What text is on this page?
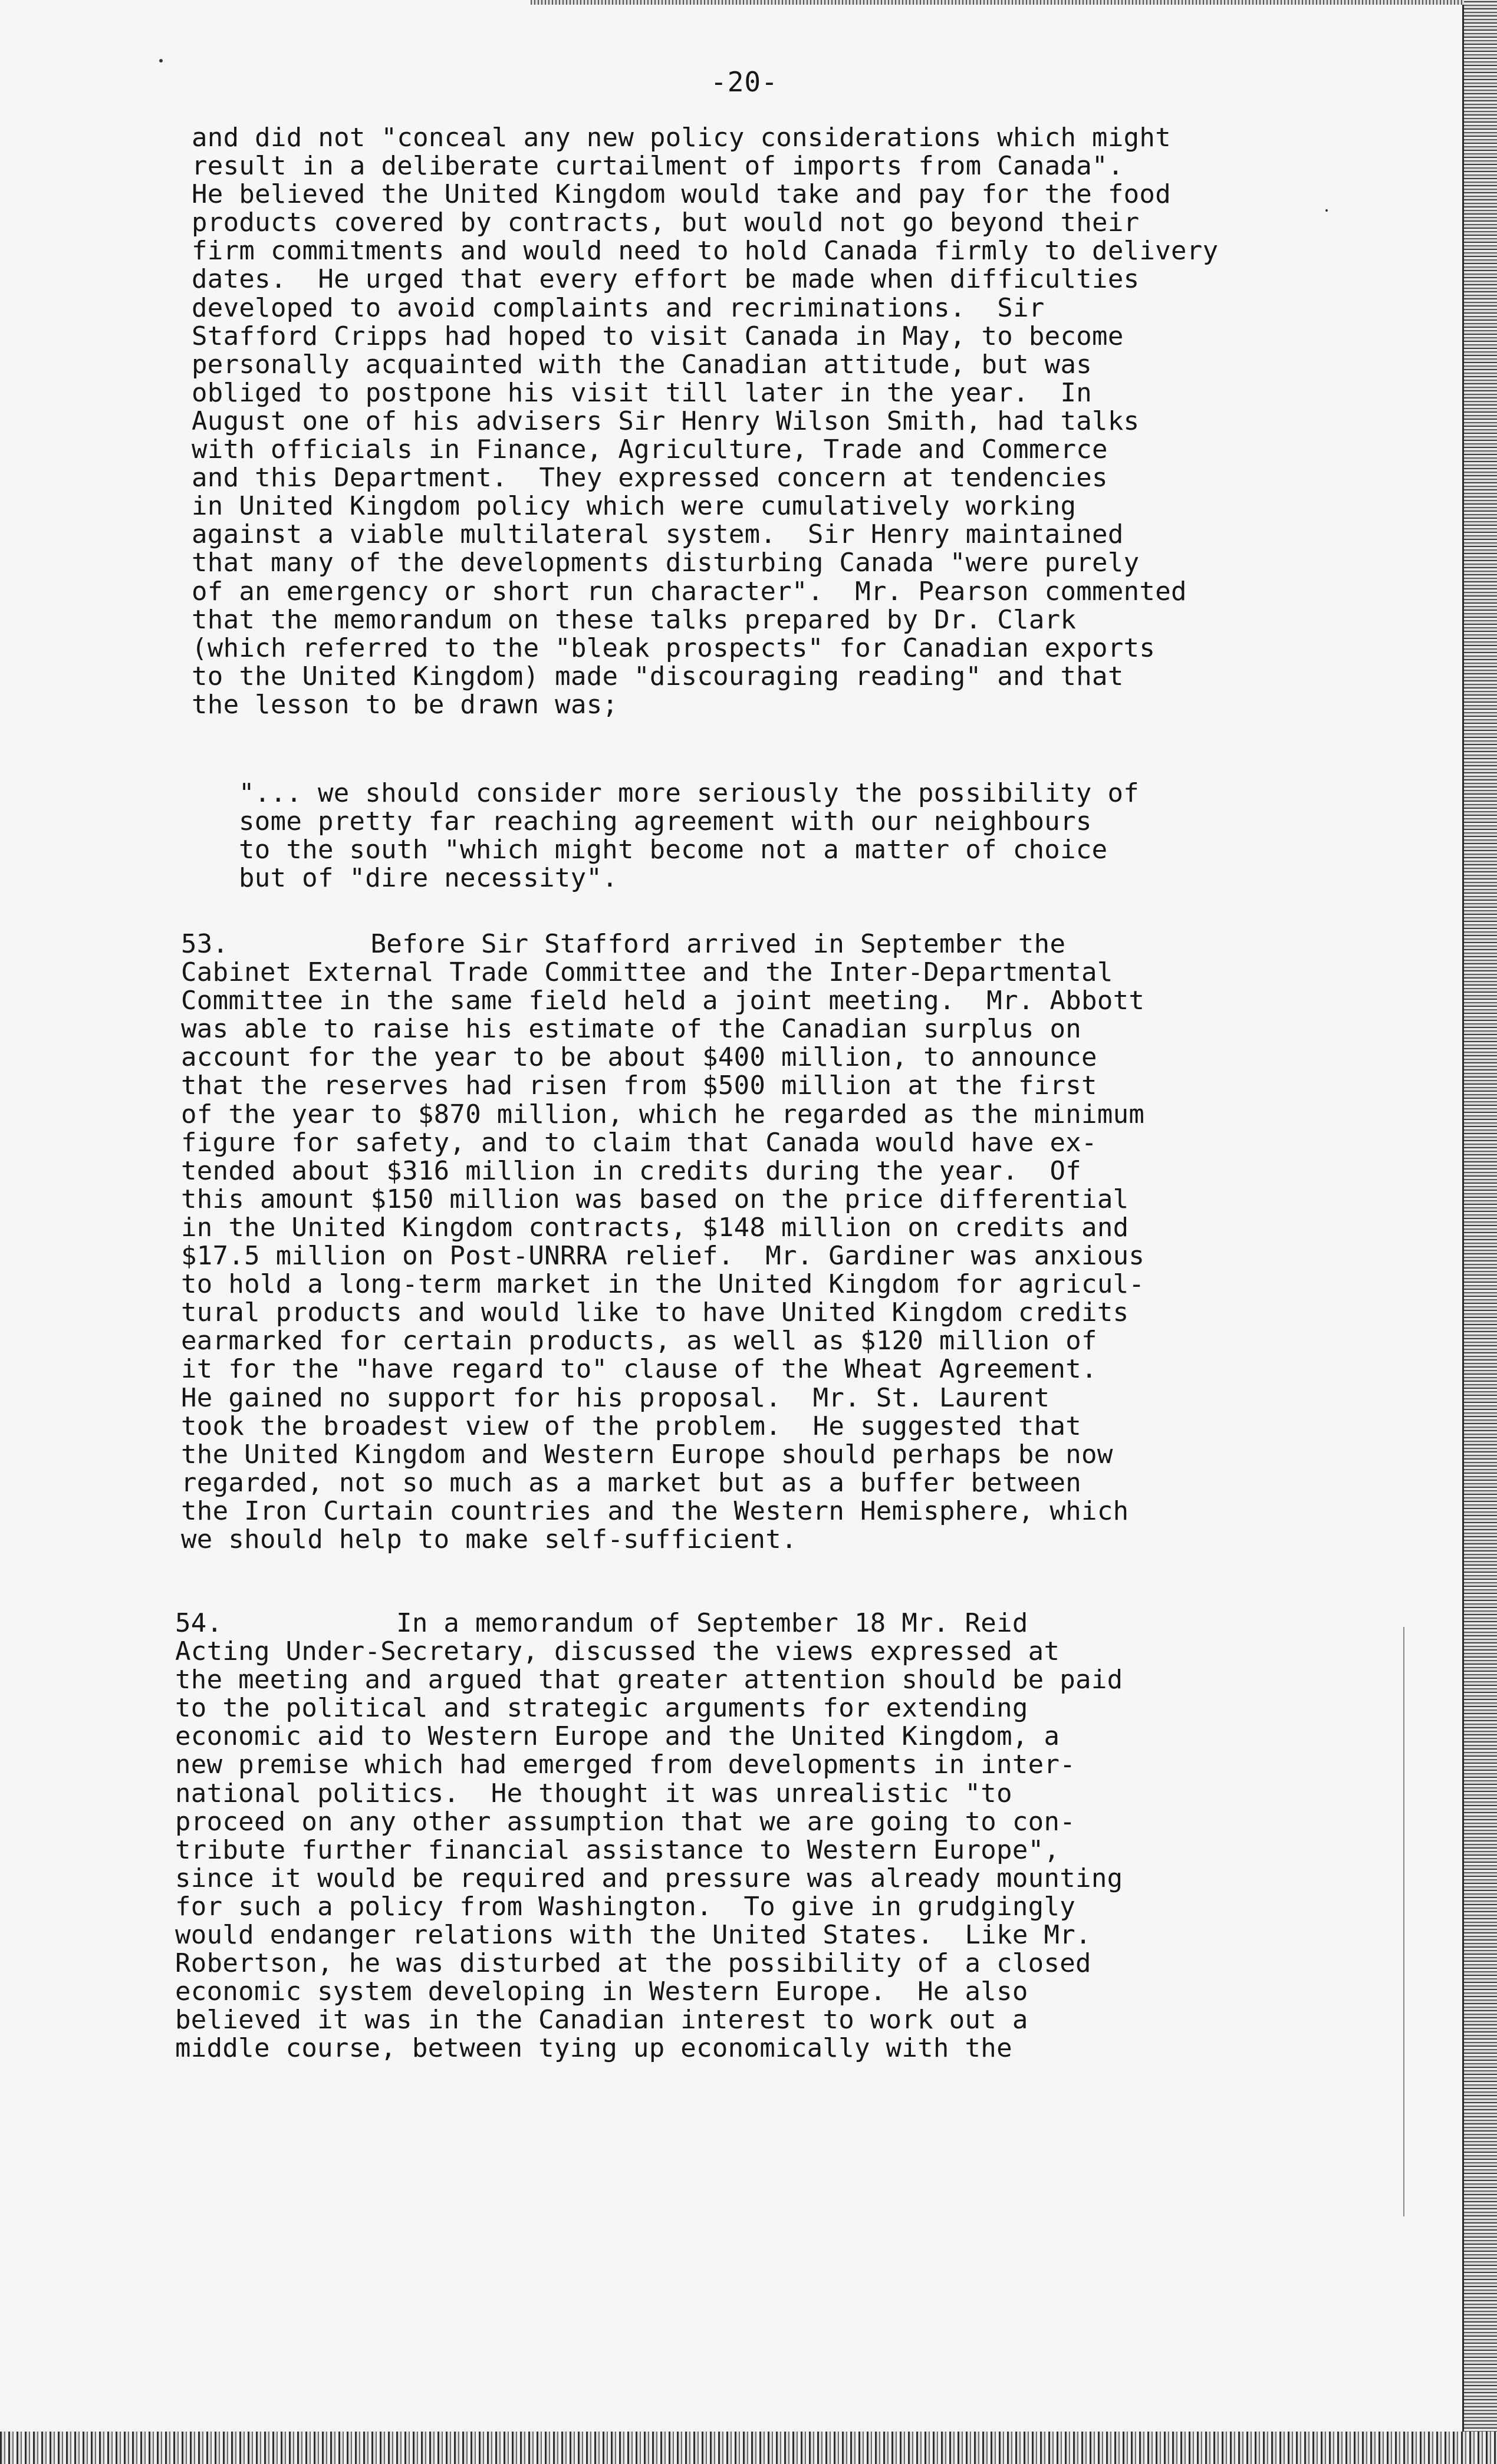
-20-

and did not "conceal any new policy considerations which might
result in a deliberate curtailment of imports from Canada".
He believed the United Kingdom would take and pay for the food
products covered by contracts, but would not go beyond their
firm commitments and would need to hold Canada firmly to delivery
dates.  He urged that every effort be made when difficulties
developed to avoid complaints and recriminations.  Sir
Stafford Cripps had hoped to visit Canada in May, to become
personally acquainted with the Canadian attitude, but was
obliged to postpone his visit till later in the year.  In
August one of his advisers Sir Henry Wilson Smith, had talks
with officials in Finance, Agriculture, Trade and Commerce
and this Department.  They expressed concern at tendencies
in United Kingdom policy which were cumulatively working
against a viable multilateral system.  Sir Henry maintained
that many of the developments disturbing Canada "were purely
of an emergency or short run character".  Mr. Pearson commented
that the memorandum on these talks prepared by Dr. Clark
(which referred to the "bleak prospects" for Canadian exports
to the United Kingdom) made "discouraging reading" and that
the lesson to be drawn was;

"... we should consider more seriously the possibility of
some pretty far reaching agreement with our neighbours
to the south "which might become not a matter of choice
but of "dire necessity".

53.         Before Sir Stafford arrived in September the
Cabinet External Trade Committee and the Inter-Departmental
Committee in the same field held a joint meeting.  Mr. Abbott
was able to raise his estimate of the Canadian surplus on
account for the year to be about $400 million, to announce
that the reserves had risen from $500 million at the first
of the year to $870 million, which he regarded as the minimum
figure for safety, and to claim that Canada would have ex-
tended about $316 million in credits during the year.  Of
this amount $150 million was based on the price differential
in the United Kingdom contracts, $148 million on credits and
$17.5 million on Post-UNRRA relief.  Mr. Gardiner was anxious
to hold a long-term market in the United Kingdom for agricul-
tural products and would like to have United Kingdom credits
earmarked for certain products, as well as $120 million of
it for the "have regard to" clause of the Wheat Agreement.
He gained no support for his proposal.  Mr. St. Laurent
took the broadest view of the problem.  He suggested that
the United Kingdom and Western Europe should perhaps be now
regarded, not so much as a market but as a buffer between
the Iron Curtain countries and the Western Hemisphere, which
we should help to make self-sufficient.

54.           In a memorandum of September 18 Mr. Reid
Acting Under-Secretary, discussed the views expressed at
the meeting and argued that greater attention should be paid
to the political and strategic arguments for extending
economic aid to Western Europe and the United Kingdom, a
new premise which had emerged from developments in inter-
national politics.  He thought it was unrealistic "to
proceed on any other assumption that we are going to con-
tribute further financial assistance to Western Europe",
since it would be required and pressure was already mounting
for such a policy from Washington.  To give in grudgingly
would endanger relations with the United States.  Like Mr.
Robertson, he was disturbed at the possibility of a closed
economic system developing in Western Europe.  He also
believed it was in the Canadian interest to work out a
middle course, between tying up economically with the
